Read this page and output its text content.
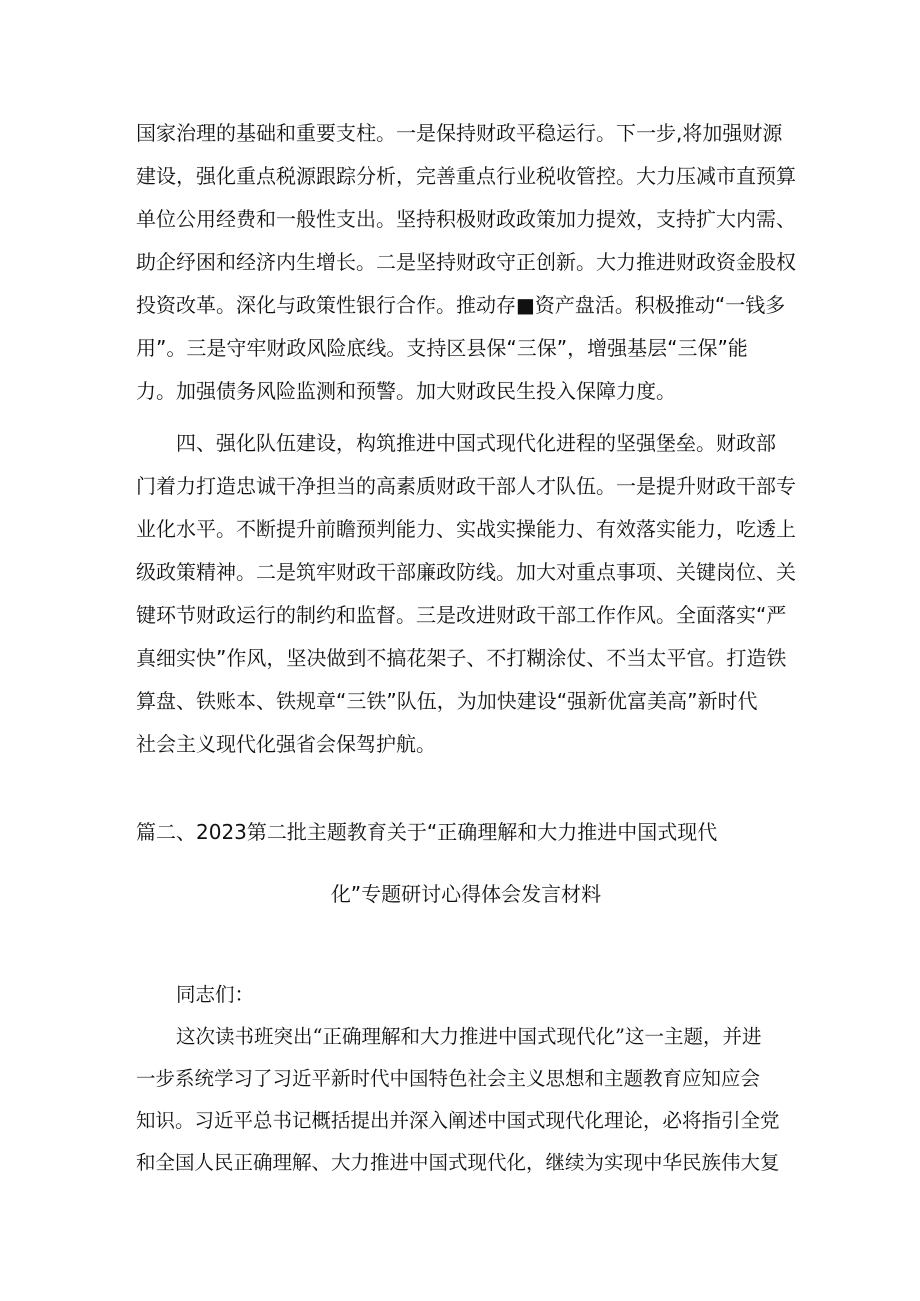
国家治理的基础和重要支柱。一是保持财政平稳运行。下一步,将加强财源
建设，强化重点税源跟踪分析，完善重点行业税收管控。大力压减市直预算
单位公用经费和一般性支出。坚持积极财政政策加力提效，支持扩大内需、
助企纾困和经济内生增长。二是坚持财政守正创新。大力推进财政资金股权
投资改革。深化与政策性银行合作。推动存■资产盘活。积极推动“一钱多
用”。三是守牢财政风险底线。支持区县保“三保”，增强基层“三保”能
力。加强债务风险监测和预警。加大财政民生投入保障力度。
四、强化队伍建设，构筑推进中国式现代化进程的坚强堡垒。财政部
门着力打造忠诚干净担当的高素质财政干部人才队伍。一是提升财政干部专
业化水平。不断提升前瞻预判能力、实战实操能力、有效落实能力，吃透上
级政策精神。二是筑牢财政干部廉政防线。加大对重点事项、关键岗位、关
键环节财政运行的制约和监督。三是改进财政干部工作作风。全面落实“严
真细实快”作风，坚决做到不搞花架子、不打糊涂仗、不当太平官。打造铁
算盘、铁账本、铁规章“三铁”队伍，为加快建设“强新优富美高”新时代
社会主义现代化强省会保驾护航。
篇二、2023第二批主题教育关于“正确理解和大力推进中国式现代
化”专题研讨心得体会发言材料
同志们：
这次读书班突出“正确理解和大力推进中国式现代化”这一主题，并进
一步系统学习了习近平新时代中国特色社会主义思想和主题教育应知应会
知识。习近平总书记概括提出并深入阐述中国式现代化理论，必将指引全党
和全国人民正确理解、大力推进中国式现代化，继续为实现中华民族伟大复
